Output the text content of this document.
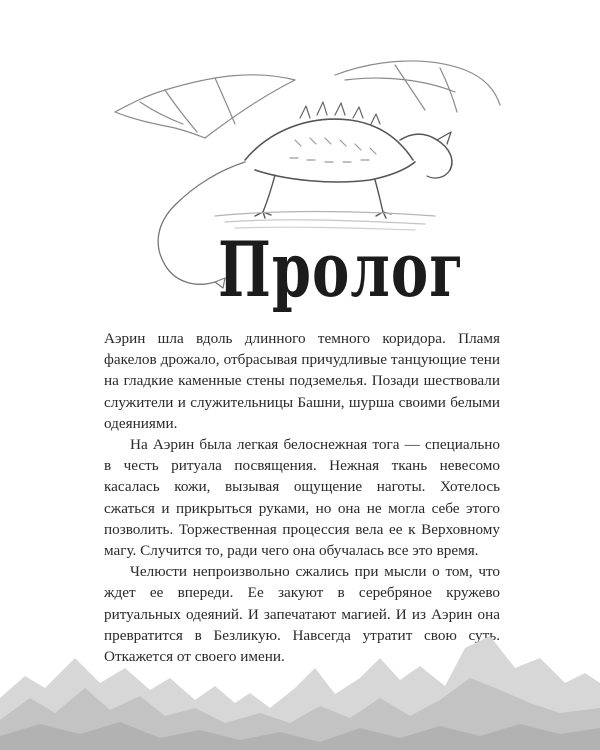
Пролог

Аэрин шла вдоль длинного темного коридора. Пламя факелов дрожало, отбрасывая причудливые танцующие тени на гладкие каменные стены подземелья. Позади шествовали служители и служительницы Башни, шурша своими белыми одеяниями.

На Аэрин была легкая белоснежная тога — специально в честь ритуала посвящения. Нежная ткань невесомо касалась кожи, вызывая ощущение наготы. Хотелось сжаться и прикрыться руками, но она не могла себе этого позволить. Торжественная процессия вела ее к Верховному магу. Случится то, ради чего она обучалась все это время.

Челюсти непроизвольно сжались при мысли о том, что ждет ее впереди. Ее закуют в серебряное кружево ритуальных одеяний. И запечатают магией. И из Аэрин она превратится в Безликую. Навсегда утратит свою суть. Откажется от своего имени.
